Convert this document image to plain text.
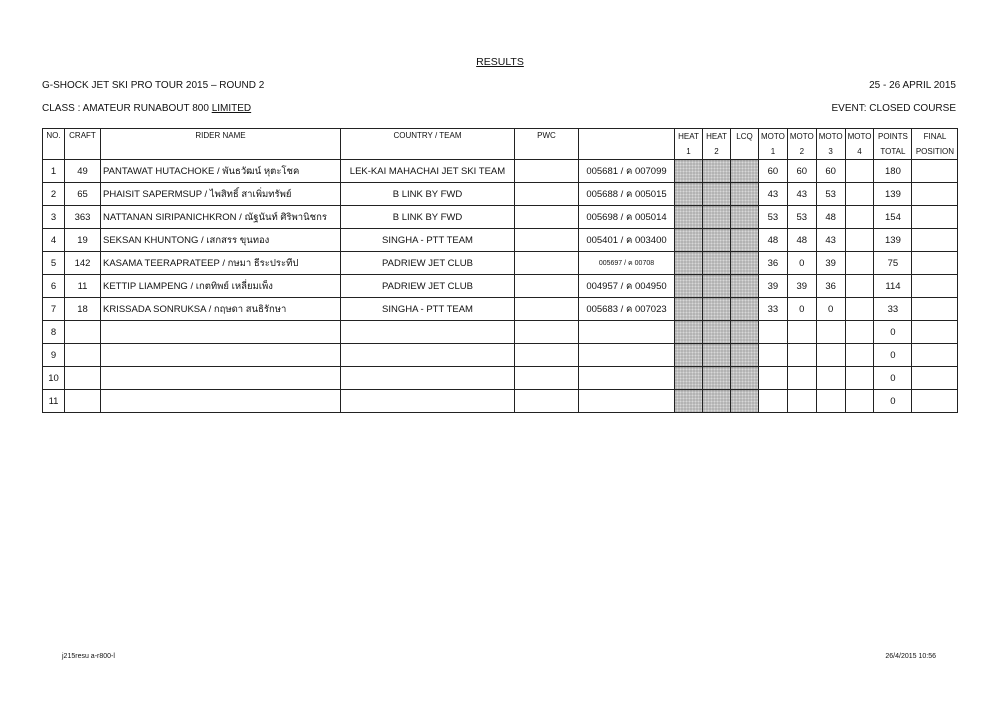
RESULTS
G-SHOCK JET SKI PRO TOUR 2015 – ROUND 2	25 - 26 APRIL 2015
CLASS : AMATEUR RUNABOUT 800 LIMITED	EVENT: CLOSED COURSE
NO.	CRAFT	RIDER NAME	COUNTRY / TEAM	PWC		HEAT	HEAT	LCQ	MOTO	MOTO	MOTO	MOTO	POINTS	FINAL
						1	2		1	2	3	4	TOTAL	POSITION
1	49	PANTAWAT HUTACHOKE / พันธวัฒน์ หุตะโชค	LEK-KAI MAHACHAI JET SKI TEAM		005681 / ค 007099				60	60	60		180	
2	65	PHAISIT SAPERMSUP / ไพสิทธิ์ สาเพิ่มทรัพย์	B LINK BY FWD		005688 / ค 005015				43	43	53		139	
3	363	NATTANAN SIRIPANICHKRON / ณัฐนันท์ ศิริพานิชกร	B LINK BY FWD		005698 / ค 005014				53	53	48		154	
4	19	SEKSAN KHUNTONG / เสกสรร ขุนทอง	SINGHA - PTT TEAM		005401 / ค 003400				48	48	43		139	
5	142	KASAMA TEERAPRATEEP / กษมา ธีระประทีป	PADRIEW JET CLUB		005697 / ค 00708				36	0	39		75	
6	11	KETTIP LIAMPENG / เกตทิพย์ เหลี่ยมเพ็ง	PADRIEW JET CLUB		004957 / ค 004950				39	39	36		114	
7	18	KRISSADA SONRUKSA / กฤษดา สนธิรักษา	SINGHA - PTT TEAM		005683 / ค 007023				33	0	0		33	
8													0	
9													0	
10													0	
11													0	
j215resu a-r800-l	26/4/2015 10:56
